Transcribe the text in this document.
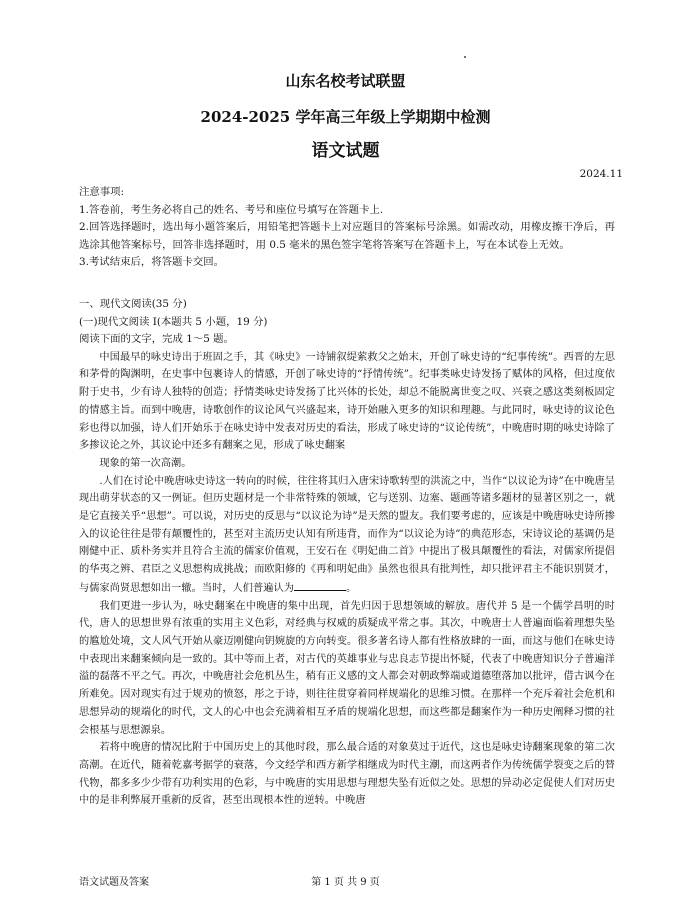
山东名校考试联盟
2024-2025 学年高三年级上学期期中检测
语文试题
2024.11

注意事项:

1.答卷前，考生务必将自己的姓名、考号和座位号填写在答题卡上.

2.回答选择题时，选出每小题答案后，用铅笔把答题卡上对应题目的答案标号涂黑。如需改动，用橡皮擦干净后，再选涂其他答案标号，回答非选择题时，用 0.5 毫米的黑色签字笔将答案写在答题卡上，写在本试卷上无效。

3.考试结束后，将答题卡交回。

一、现代文阅读(35 分)

(一)现代文阅读 I(本题共 5 小题，19 分)

阅读下面的文字，完成 1～5 题。

中国最早的咏史诗出于班固之手，其《咏史》一诗铺叙缇萦救父之始末，开创了咏史诗的“纪事传统”。西晋的左思和茅骨的陶渊明，在史事中包裹诗人的情感，开创了咏史诗的“抒情传统”。纪事类咏史诗发扬了赋体的风格，但过度依附于史书，少有诗人独特的创造；抒情类咏史诗发扬了比兴体的长处，却总不能脱离世变之叹、兴衰之感这类刻板固定的情感主旨。而到中晚唐，诗歌创作的议论风气兴盛起来，诗开始融入更多的知识和理趣。与此同时，咏史诗的议论色彩也得以加强，诗人们开始乐于在咏史诗中发表对历史的看法，形成了咏史诗的“议论传统”，中晚唐时期的咏史诗除了多掺议论之外，其议论中还多有翻案之见，形成了咏史翻案

现象的第一次高潮。

.人们在讨论中晚唐咏史诗这一转向的时候，往往将其归入唐宋诗歌转型的洪流之中，当作“以议论为诗”在中晚唐呈现出萌芽状态的又一例证。但历史题材是一个非常特殊的领域，它与送别、边塞、题画等诸多题材的显著区别之一，就是它直接关乎“思想”。可以说，对历史的反思与“以议论为诗”是天然的盟友。我们要考虑的，应该是中晚唐咏史诗所掺入的议论往往是带有颠覆性的，甚至对主流历史认知有所违背，而作为“以议论为诗”的典范形态，宋诗议论的基调仍是刚健中正、质朴务实并且符合主流的儒家价值观，王安石在《明妃曲二首》中提出了极具颠覆性的看法，对儒家所提倡的华夷之辨、君臣之义思想构成挑战；而欧阳修的《再和明妃曲》虽然也很具有批判性，却只批评君主不能识别贤才，与儒家尚贤思想如出一辙。当时，人们普遍认为	。

我们更进一步认为，咏史翻案在中晚唐的集中出现，首先归因于思想领域的解放。唐代并 5 是一个儒学昌明的时代，唐人的思想世界有浓重的实用主义色彩，对经典与权威的质疑成平常之事。其次，中晚唐士人普遍面临着理想失坠的尴尬处境，文人风气开始从豪迈刚健向钥婉旋的方向转变。很多著名诗人都有性格放肆的一面，而这与他们在咏史诗中表现出来翻案倾向是一致的。其中等而上者，对古代的英雄事业与忠良志节提出怀疑，代表了中晚唐知识分子普遍洋溢的磊落不平之气。再次，中晚唐社会危机丛生，稍有正义感的文人都会对朝政弊端或道德堕落加以批评，借古讽今在所难免。因对现实有过于规劝的愤怒，彤之于诗，则往往贯穿着同样规端化的思维习惯。在那样一个充斥着社会危机和思想异动的规端化的时代，文人的心中也会充满着相互矛盾的规端化思想，而这些都是翻案作为一种历史阐释习惯的社会根基与思想源泉。

若将中晚唐的情况比附于中国历史上的其他时段，那么最合适的对象莫过于近代，这也是咏史诗翻案现象的第二次高潮。在近代，随着乾嘉考据学的衰落，今文经学和西方新学相继成为时代主潮，而这两者作为传统儒学裂变之后的替代物，都多多少少带有功利实用的色彩，与中晚唐的实用思想与理想失坠有近似之处。思想的异动必定促使人们对历史中的是非利弊展开重新的反省，甚至出现根本性的逆转。中晚唐

语文试题及答案	第 1 页 共 9 页
